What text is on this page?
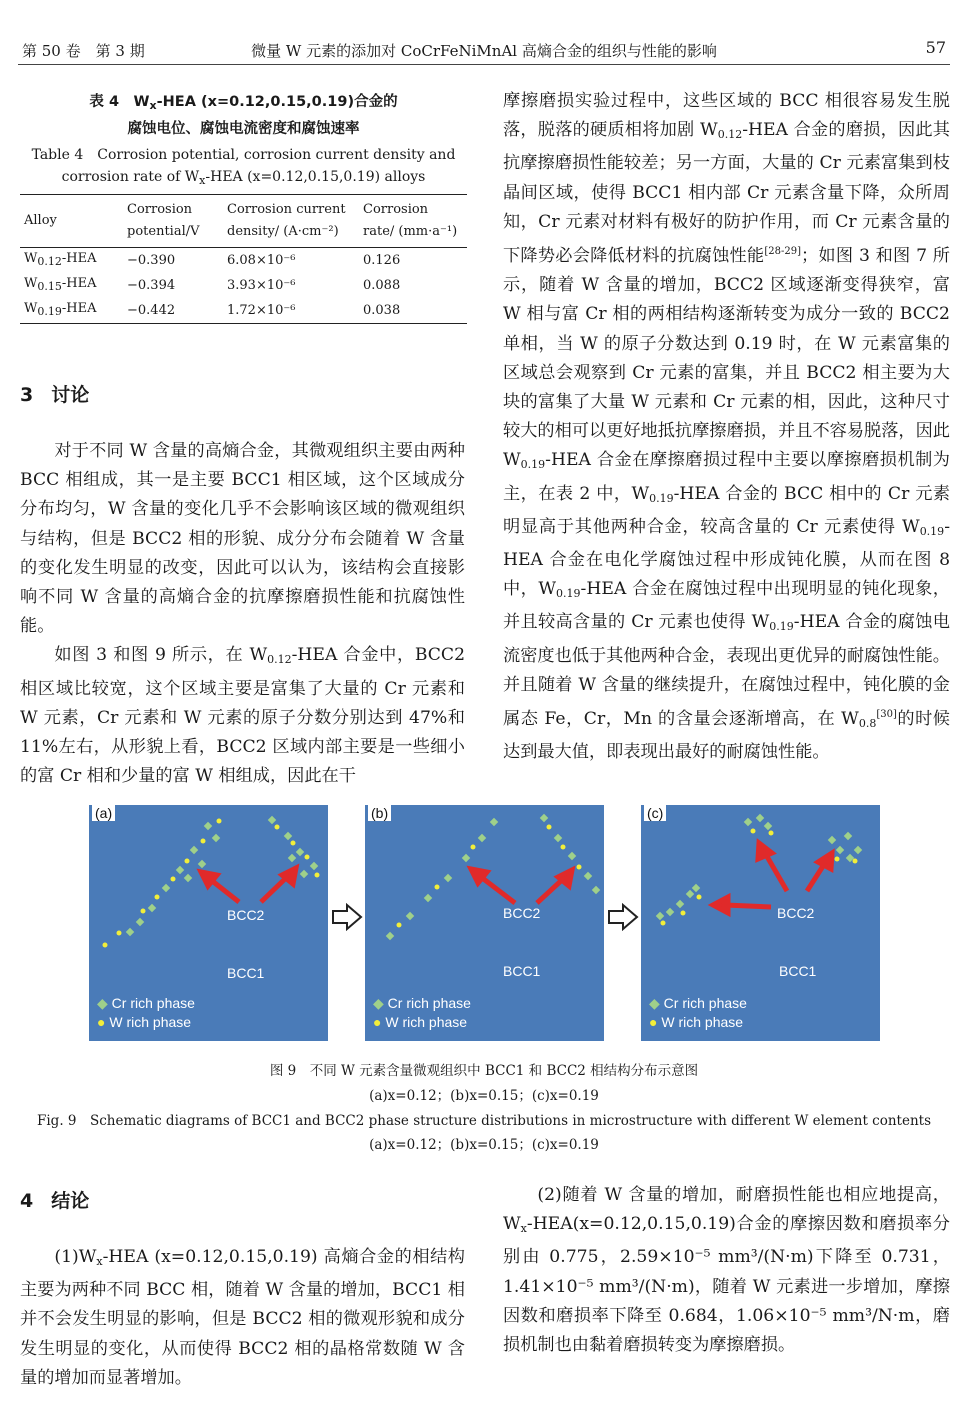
第 50 卷　第 3 期	微量 W 元素的添加对 CoCrFeNiMnAl 高熵合金的组织与性能的影响	57
表 4　$W_x$-HEA (x=0.12,0.15,0.19)合金的
腐蚀电位、腐蚀电流密度和腐蚀速率
Table 4　Corrosion potential, corrosion current density and
corrosion rate of $W_x$-HEA (x=0.12,0.15,0.19) alloys
Alloy	Corrosion potential/V	Corrosion current density/ (A·cm⁻²)	Corrosion rate/ (mm·a⁻¹)
$W_{0.12}$-HEA	−0.390	6.08×10⁻⁶	0.126
$W_{0.15}$-HEA	−0.394	3.93×10⁻⁶	0.088
$W_{0.19}$-HEA	−0.442	1.72×10⁻⁶	0.038
3 讨论

对于不同 W 含量的高熵合金，其微观组织主要由两种 BCC 相组成，其一是主要 BCC1 相区域，这个区域成分分布均匀，W 含量的变化几乎不会影响该区域的微观组织与结构，但是 BCC2 相的形貌、成分分布会随着 W 含量的变化发生明显的改变，因此可以认为，该结构会直接影响不同 W 含量的高熵合金的抗摩擦磨损性能和抗腐蚀性能。

如图 3 和图 9 所示，在 $W_{0.12}$-HEA 合金中，BCC2 相区域比较宽，这个区域主要是富集了大量的 Cr 元素和 W 元素，Cr 元素和 W 元素的原子分数分别达到 47%和 11%左右，从形貌上看，BCC2 区域内部主要是一些细小的富 Cr 相和少量的富 W 相组成，因此在干

摩擦磨损实验过程中，这些区域的 BCC 相很容易发生脱落，脱落的硬质相将加剧 $W_{0.12}$-HEA 合金的磨损，因此其抗摩擦磨损性能较差；另一方面，大量的 Cr 元素富集到枝晶间区域，使得 BCC1 相内部 Cr 元素含量下降，众所周知，Cr 元素对材料有极好的防护作用，而 Cr 元素含量的下降势必会降低材料的抗腐蚀性能[28-29]；如图 3 和图 7 所示，随着 W 含量的增加，BCC2 区域逐渐变得狭窄，富 W 相与富 Cr 相的两相结构逐渐转变为成分一致的 BCC2 单相，当 W 的原子分数达到 0.19 时，在 W 元素富集的区域总会观察到 Cr 元素的富集，并且 BCC2 相主要为大块的富集了大量 W 元素和 Cr 元素的相，因此，这种尺寸较大的相可以更好地抵抗摩擦磨损，并且不容易脱落，因此 $W_{0.19}$-HEA 合金在摩擦磨损过程中主要以摩擦磨损机制为主，在表 2 中，$W_{0.19}$-HEA 合金的 BCC 相中的 Cr 元素明显高于其他两种合金，较高含量的 Cr 元素使得 $W_{0.19}$-HEA 合金在电化学腐蚀过程中形成钝化膜，从而在图 8 中，$W_{0.19}$-HEA 合金在腐蚀过程中出现明显的钝化现象，并且较高含量的 Cr 元素也使得 $W_{0.19}$-HEA 合金的腐蚀电流密度也低于其他两种合金，表现出更优异的耐腐蚀性能。并且随着 W 含量的继续提升，在腐蚀过程中，钝化膜的金属态 Fe，Cr，Mn 的含量会逐渐增高，在 $W_{0.8}[30]$的时候达到最大值，即表现出最好的耐腐蚀性能。

(a)
BCC2
BCC1
◆ Cr rich phase
● W rich phase
(b)
BCC2
BCC1
◆ Cr rich phase
● W rich phase
(c)
BCC2
BCC1
◆ Cr rich phase
● W rich phase
图 9　不同 W 元素含量微观组织中 BCC1 和 BCC2 相结构分布示意图
(a)x=0.12；(b)x=0.15；(c)x=0.19
Fig. 9　Schematic diagrams of BCC1 and BCC2 phase structure distributions in microstructure with different W element contents
(a)x=0.12；(b)x=0.15；(c)x=0.19
4 结论

$(1)W_x$-HEA (x=0.12,0.15,0.19) 高熵合金的相结构主要为两种不同 BCC 相，随着 W 含量的增加，BCC1 相并不会发生明显的影响，但是 BCC2 相的微观形貌和成分发生明显的变化，从而使得 BCC2 相的晶格常数随 W 含量的增加而显著增加。

(2)随着 W 含量的增加，耐磨损性能也相应地提高，$W_x-HEA(x=0.12,0.15,0.19)$合金的摩擦因数和磨损率分别由 0.775，2.59×10⁻⁵ mm³/(N·m)下降至 0.731，1.41×10⁻⁵ mm³/(N·m)，随着 W 元素进一步增加，摩擦因数和磨损率下降至 0.684，1.06×10⁻⁵ mm³/N·m，磨损机制也由黏着磨损转变为摩擦磨损。
